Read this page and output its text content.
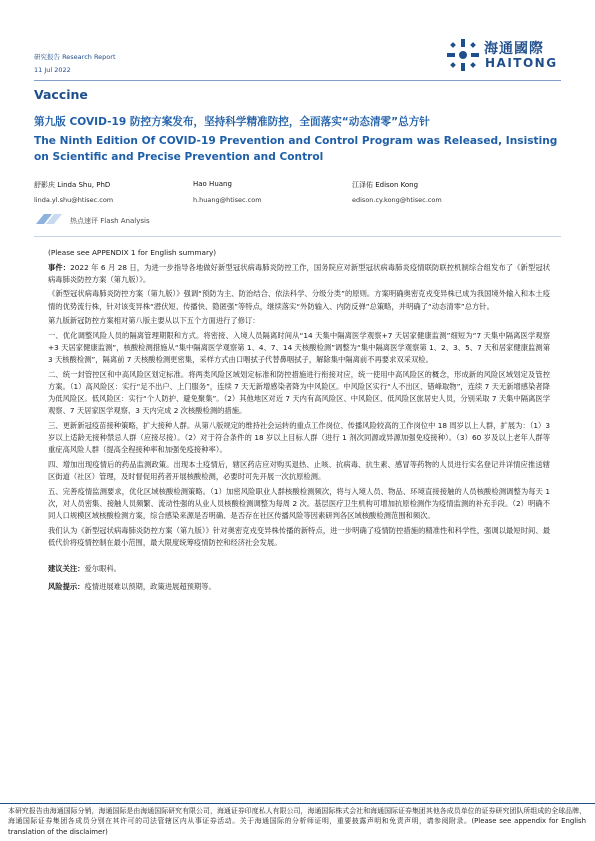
研究报告 Research Report
11 Jul 2022
海通國際
HAITONG
Vaccine
第九版 COVID-19 防控方案发布，坚持科学精准防控，全面落实“动态清零”总方针
The Ninth Edition Of COVID-19 Prevention and Control Program was Released, Insisting on Scientific and Precise Prevention and Control
舒影庆 Linda Shu, PhD
linda.yl.shu@htisec.com
Hao Huang
h.huang@htisec.com
江泽佑 Edison Kong
edison.cy.kong@htisec.com
热点速评 Flash Analysis

(Please see APPENDIX 1 for English summary)

事件：2022 年 6 月 28 日，为进一步指导各地做好新型冠状病毒肺炎防控工作，国务院应对新型冠状病毒肺炎疫情联防联控机制综合组发布了《新型冠状病毒肺炎防控方案（第九版）》。

《新型冠状病毒肺炎防控方案（第九版）》强调“预防为主、防治结合、依法科学、分级分类”的原则。方案明确奥密克戎变异株已成为我国境外输入和本土疫情的优势流行株，针对该变异株“潜伏短、传播快、隐匿强”等特点，继续落实“外防输入、内防反弹”总策略，并明确了“动态清零”总方针。

第九版新冠防控方案相对第八版主要从以下五个方面进行了修订：

一、优化调整风险人员的隔离管理期限和方式。将密接、入境人员隔离时间从“14 天集中隔离医学观察+7 天居家健康监测”细短为“7 天集中隔离医学观察+3 天居家健康监测”，核酸检测措施从“集中隔离医学观察第 1、4、7、14 天核酸检测”调整为“集中隔离医学观察第 1、2、3、5、7 天和居家健康监测第 3 天核酸检测”，隔离前 7 天核酸检测更密集，采样方式由口咽拭子代替鼻咽拭子，解除集中隔离前不再要求双采双检。

二、统一封管控区和中高风险区划定标准。将两类风险区域划定标准和防控措施进行衔接对应，统一使用中高风险区的概念，形成新的风险区域划定及管控方案。（1）高风险区：实行“足不出户、上门服务”，连续 7 天无新增感染者降为中风险区。中风险区实行“人不出区、错峰取物”，连续 7 天无新增感染者降为低风险区。低风险区：实行“个人防护、避免聚集”。（2）其他地区对近 7 天内有高风险区、中风险区、低风险区旅居史人员，分别采取 7 天集中隔离医学观察、7 天居家医学观察、3 天内完成 2 次核酸检测的措施。

三、更新新冠疫苗接种策略，扩大接种人群。从第八版规定的维持社会运转的重点工作岗位、传播风险较高的工作岗位中 18 周岁以上人群，扩展为：（1）3 岁以上适龄无接种禁忌人群（应接尽接）。（2）对于符合条件的 18 岁以上目标人群（进行 1 剂次同源或异源加强免疫接种）。（3）60 岁及以上老年人群等重症高风险人群（提高全程接种率和加强免疫接种率）。

四、增加出现疫情后的药品监测政策。出现本土疫情后，辖区药店应对购买退热、止咳、抗病毒、抗生素、感冒等药物的人员进行实名登记并详情应推送辖区街道（社区）管理，及时督促用药者开展核酸检测，必要时可先开展一次抗原检测。

五、完善疫情监测要求，优化区域核酸检测策略。（1）加密风险职业人群核酸检测频次，将与入境人员、物品、环境直接接触的人员核酸检测调整为每天 1 次，对人员密集、接触人员频繁、流动性强的从业人员核酸检测调整为每周 2 次。基层医疗卫生机构可增加抗原检测作为疫情监测的补充手段。（2）明确不同人口规模区域核酸检测方案，综合感染来源是否明确、是否存在社区传播风险等因素研判各区域核酸检测范围和频次。

我们认为《新型冠状病毒肺炎防控方案（第九版）》针对奥密克戎变异株传播的新特点，进一步明确了疫情防控措施的精准性和科学性，强调以最短时间、最低代价将疫情控制在最小范围，最大限度统筹疫情防控和经济社会发展。

建议关注：爱尔眼科。

风险提示：疫情进展难以预期，政策进展超预期等。

本研究报告由海通国际分销，海通国际是由海通国际研究有限公司，海通证券印度私人有限公司，海通国际株式会社和海通国际证券集团其他各成员单位的证券研究团队所组成的全球品牌，海通国际证券集团各成员分别在其许可的司法管辖区内从事证券活动。关于海通国际的分析师证明，重要披露声明和免责声明，请参阅附录。(Please see appendix for English translation of the disclaimer)
